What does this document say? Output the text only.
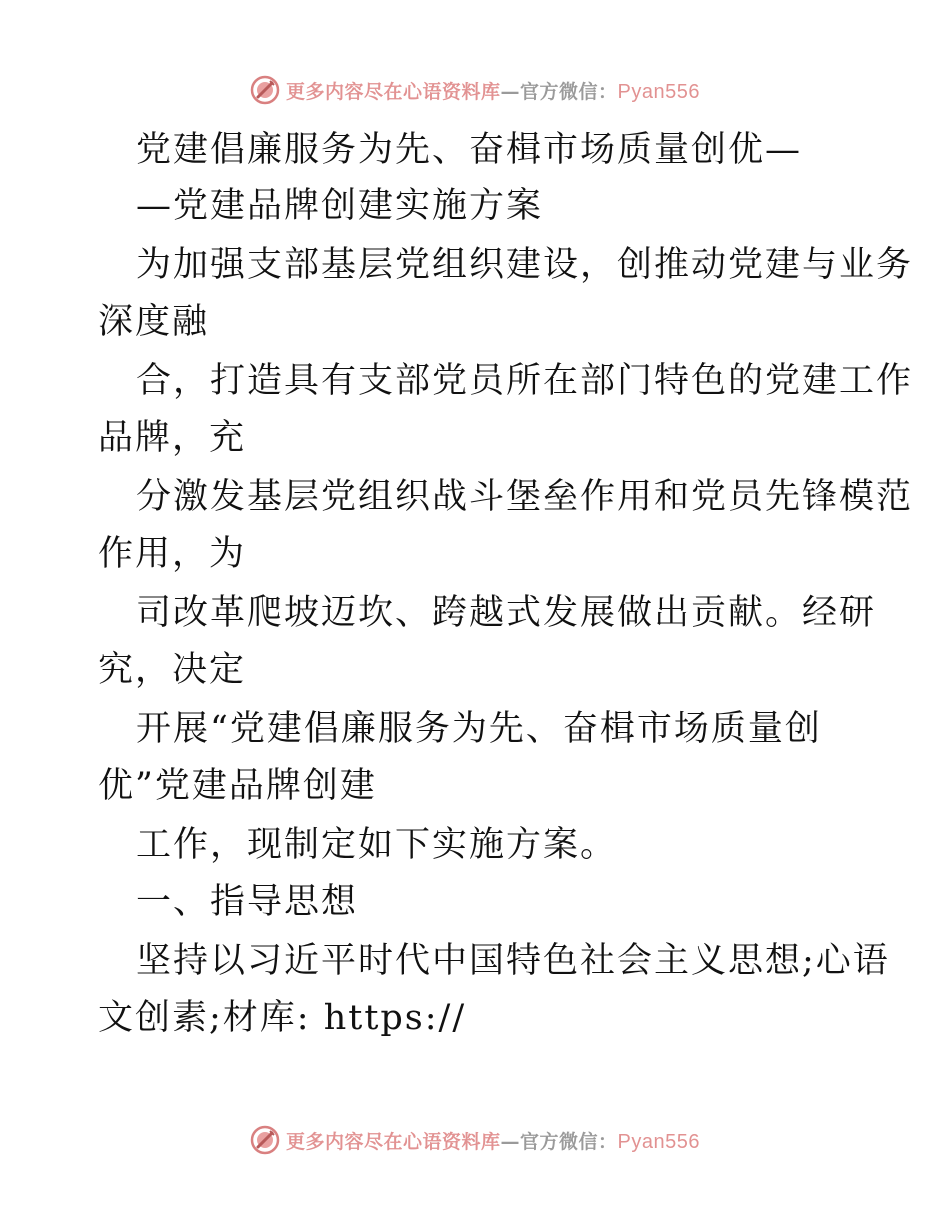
更多内容尽在心语资料库—官方微信：Pyan556
党建倡廉服务为先、奋楫市场质量创优—
—党建品牌创建实施方案
为加强支部基层党组织建设，创推动党建与业务
深度融
合，打造具有支部党员所在部门特色的党建工作
品牌，充
分激发基层党组织战斗堡垒作用和党员先锋模范
作用，为
司改革爬坡迈坎、跨越式发展做出贡献。经研
究，决定
开展“党建倡廉服务为先、奋楫市场质量创
优”党建品牌创建
工作，现制定如下实施方案。
一、指导思想
坚持以习近平时代中国特色社会主义思想;心语
文创素;材库: https://
更多内容尽在心语资料库—官方微信：Pyan556
